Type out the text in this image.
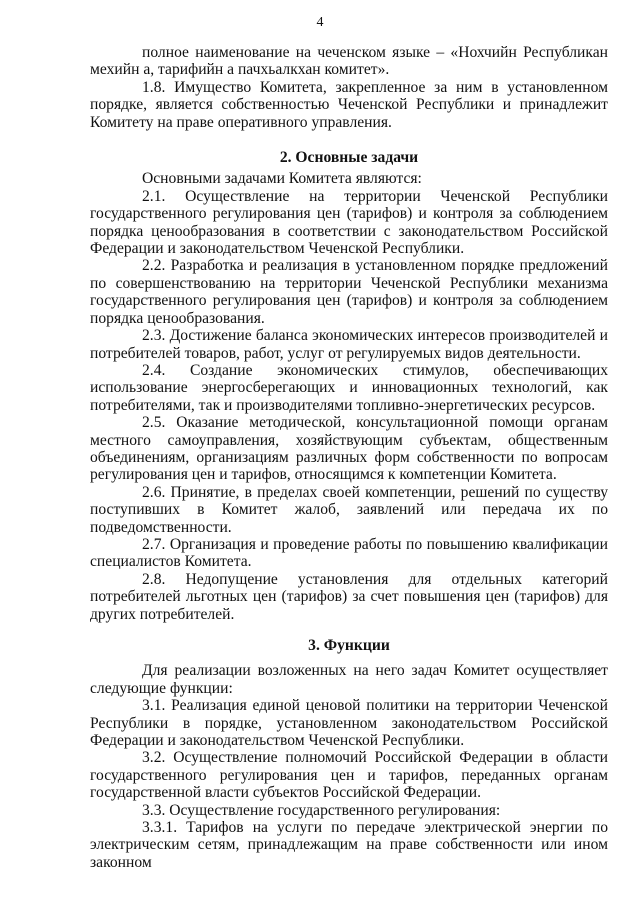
4

полное наименование на чеченском языке – «Нохчийн Республикан мехийн а, тарифийн а пачхьалкхан комитет».

1.8. Имущество Комитета, закрепленное за ним в установленном порядке, является собственностью Чеченской Республики и принадлежит Комитету на праве оперативного управления.

2. Основные задачи

Основными задачами Комитета являются:

2.1. Осуществление на территории Чеченской Республики государственного регулирования цен (тарифов) и контроля за соблюдением порядка ценообразования в соответствии с законодательством Российской Федерации и законодательством Чеченской Республики.

2.2. Разработка и реализация в установленном порядке предложений по совершенствованию на территории Чеченской Республики механизма государственного регулирования цен (тарифов) и контроля за соблюдением порядка ценообразования.

2.3. Достижение баланса экономических интересов производителей и потребителей товаров, работ, услуг от регулируемых видов деятельности.

2.4. Создание экономических стимулов, обеспечивающих использование энергосберегающих и инновационных технологий, как потребителями, так и производителями топливно-энергетических ресурсов.

2.5. Оказание методической, консультационной помощи органам местного самоуправления, хозяйствующим субъектам, общественным объединениям, организациям различных форм собственности по вопросам регулирования цен и тарифов, относящимся к компетенции Комитета.

2.6. Принятие, в пределах своей компетенции, решений по существу поступивших в Комитет жалоб, заявлений или передача их по подведомственности.

2.7. Организация и проведение работы по повышению квалификации специалистов Комитета.

2.8. Недопущение установления для отдельных категорий потребителей льготных цен (тарифов) за счет повышения цен (тарифов) для других потребителей.

3. Функции

Для реализации возложенных на него задач Комитет осуществляет следующие функции:

3.1. Реализация единой ценовой политики на территории Чеченской Республики в порядке, установленном законодательством Российской Федерации и законодательством Чеченской Республики.

3.2. Осуществление полномочий Российской Федерации в области государственного регулирования цен и тарифов, переданных органам государственной власти субъектов Российской Федерации.

3.3. Осуществление государственного регулирования:

3.3.1. Тарифов на услуги по передаче электрической энергии по электрическим сетям, принадлежащим на праве собственности или ином законном
